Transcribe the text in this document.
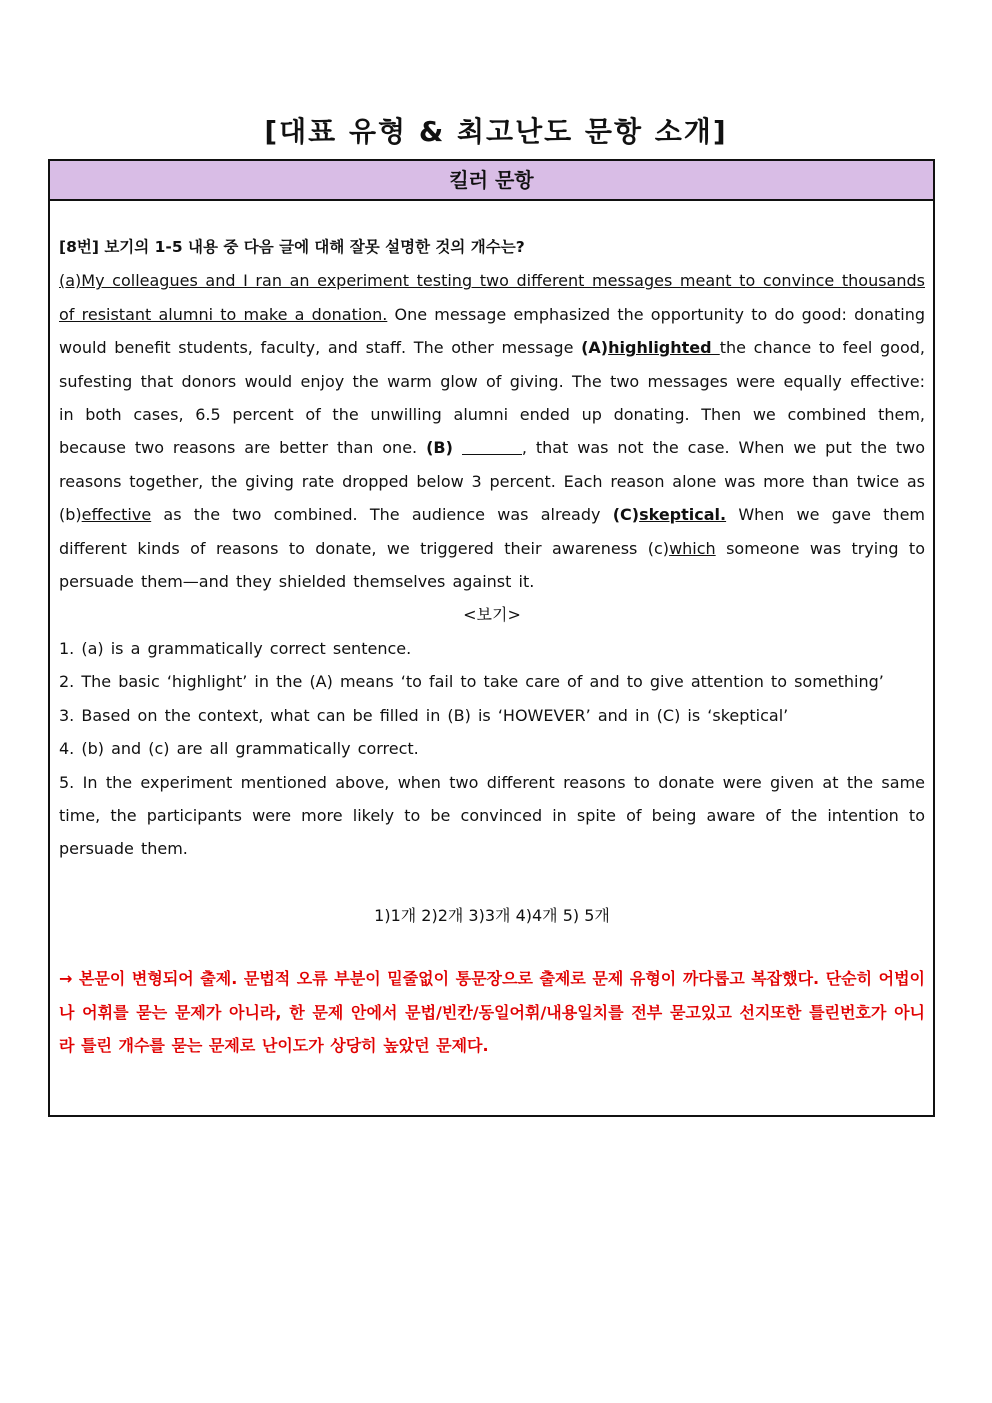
[대표 유형 & 최고난도 문항 소개]
킬러 문항
[8번] 보기의 1-5 내용 중 다음 글에 대해 잘못 설명한 것의 개수는?
(a)My colleagues and I ran an experiment testing two different messages meant to convince thousands of resistant alumni to make a donation. One message emphasized the opportunity to do good: donating would benefit students, faculty, and staff. The other message (A)highlighted the chance to feel good, sufesting that donors would enjoy the warm glow of giving. The two messages were equally effective: in both cases, 6.5 percent of the unwilling alumni ended up donating. Then we combined them, because two reasons are better than one. (B)	, that was not the case. When we put the two reasons together, the giving rate dropped below 3 percent. Each reason alone was more than twice as (b)effective as the two combined. The audience was already (C)skeptical. When we gave them different kinds of reasons to donate, we triggered their awareness (c)which someone was trying to persuade them—and they shielded themselves against it.
<보기>
1. (a) is a grammatically correct sentence.
2. The basic ‘highlight’ in the (A) means ‘to fail to take care of and to give attention to something’
3. Based on the context, what can be filled in (B) is ‘HOWEVER’ and in (C) is ‘skeptical’
4. (b) and (c) are all grammatically correct.
5. In the experiment mentioned above, when two different reasons to donate were given at the same time, the participants were more likely to be convinced in spite of being aware of the intention to persuade them.
1)1개 2)2개 3)3개 4)4개 5) 5개
→ 본문이 변형되어 출제. 문법적 오류 부분이 밑줄없이 통문장으로 출제로 문제 유형이 까다롭고 복잡했다. 단순히 어법이나 어휘를 묻는 문제가 아니라, 한 문제 안에서 문법/빈칸/동일어휘/내용일치를 전부 묻고있고 선지또한 틀린번호가 아니라 틀린 개수를 묻는 문제로 난이도가 상당히 높았던 문제다.
